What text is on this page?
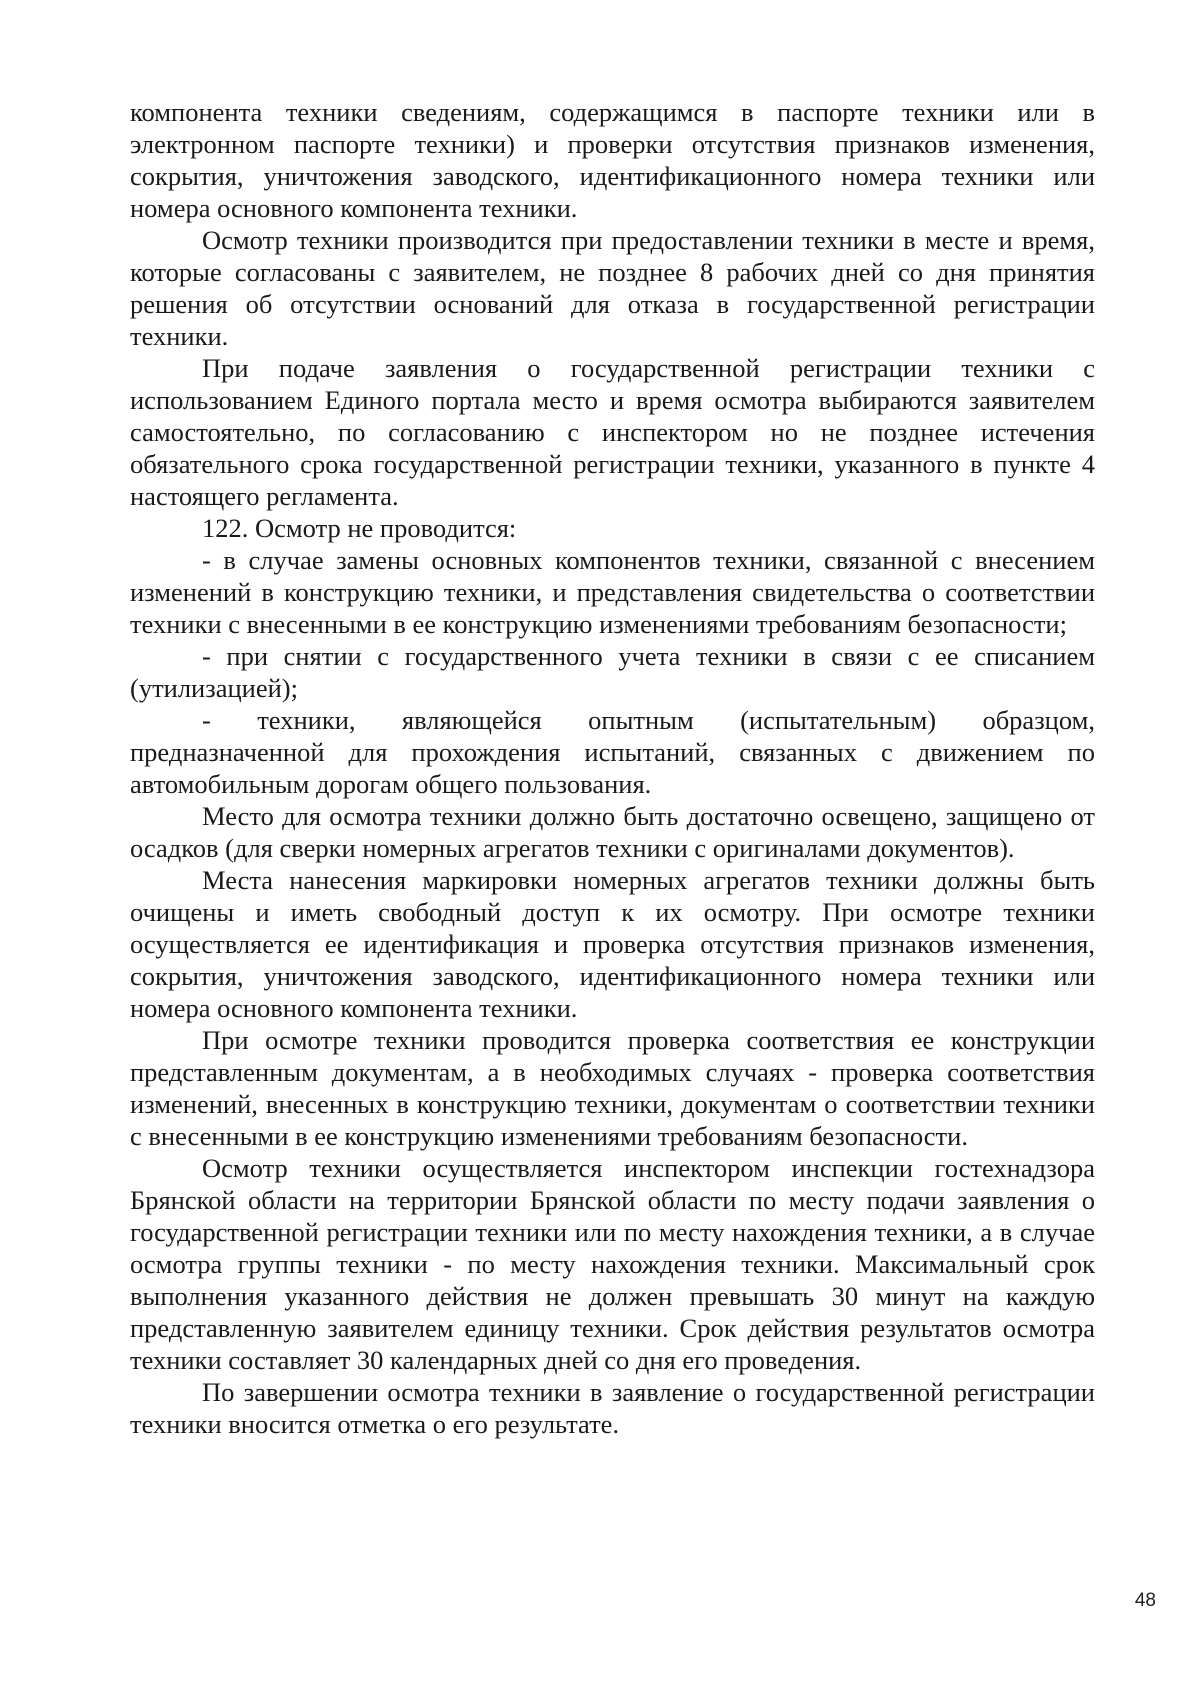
компонента техники сведениям, содержащимся в паспорте техники или в электронном паспорте техники) и проверки отсутствия признаков изменения, сокрытия, уничтожения заводского, идентификационного номера техники или номера основного компонента техники.

Осмотр техники производится при предоставлении техники в месте и время, которые согласованы с заявителем, не позднее 8 рабочих дней со дня принятия решения об отсутствии оснований для отказа в государственной регистрации техники.

При подаче заявления о государственной регистрации техники с использованием Единого портала место и время осмотра выбираются заявителем самостоятельно, по согласованию с инспектором но не позднее истечения обязательного срока государственной регистрации техники, указанного в пункте 4 настоящего регламента.

122. Осмотр не проводится:

- в случае замены основных компонентов техники, связанной с внесением изменений в конструкцию техники, и представления свидетельства о соответствии техники с внесенными в ее конструкцию изменениями требованиям безопасности;

- при снятии с государственного учета техники в связи с ее списанием (утилизацией);

- техники, являющейся опытным (испытательным) образцом, предназначенной для прохождения испытаний, связанных с движением по автомобильным дорогам общего пользования.

Место для осмотра техники должно быть достаточно освещено, защищено от осадков (для сверки номерных агрегатов техники с оригиналами документов).

Места нанесения маркировки номерных агрегатов техники должны быть очищены и иметь свободный доступ к их осмотру. При осмотре техники осуществляется ее идентификация и проверка отсутствия признаков изменения, сокрытия, уничтожения заводского, идентификационного номера техники или номера основного компонента техники.

При осмотре техники проводится проверка соответствия ее конструкции представленным документам, а в необходимых случаях - проверка соответствия изменений, внесенных в конструкцию техники, документам о соответствии техники с внесенными в ее конструкцию изменениями требованиям безопасности.

Осмотр техники осуществляется инспектором инспекции гостехнадзора Брянской области на территории Брянской области по месту подачи заявления о государственной регистрации техники или по месту нахождения техники, а в случае осмотра группы техники - по месту нахождения техники. Максимальный срок выполнения указанного действия не должен превышать 30 минут на каждую представленную заявителем единицу техники. Срок действия результатов осмотра техники составляет 30 календарных дней со дня его проведения.

По завершении осмотра техники в заявление о государственной регистрации техники вносится отметка о его результате.

48
